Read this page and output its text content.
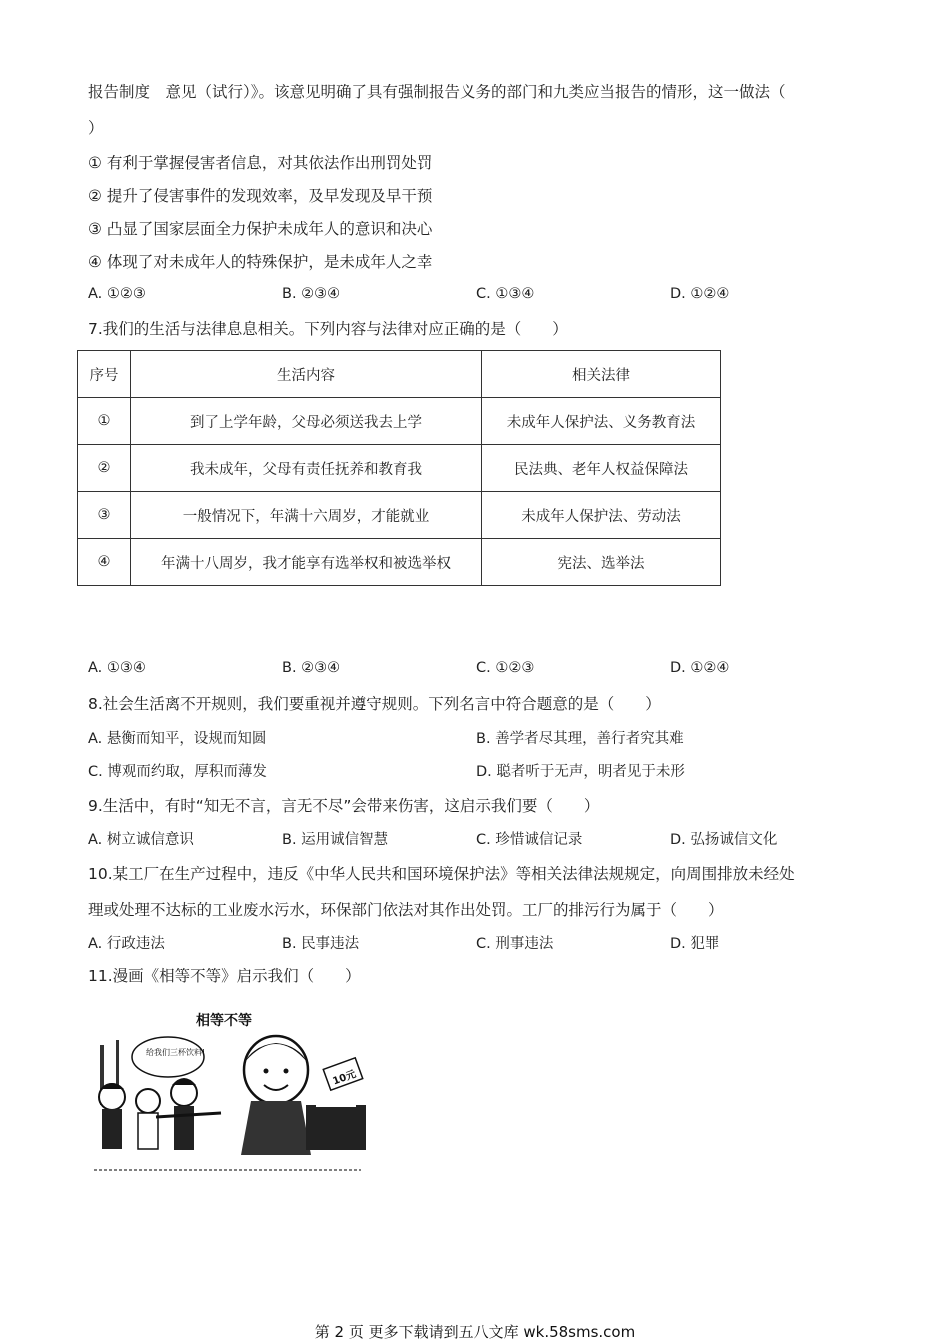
报告制度　意见（试行）》。该意见明确了具有强制报告义务的部门和九类应当报告的情形，这一做法（
）
① 有利于掌握侵害者信息，对其依法作出刑罚处罚
② 提升了侵害事件的发现效率，及早发现及早干预
③ 凸显了国家层面全力保护未成年人的意识和决心
④ 体现了对未成年人的特殊保护，是未成年人之幸
A. ①②③	B. ②③④	C. ①③④	D. ①②④
7.我们的生活与法律息息相关。下列内容与法律对应正确的是（　　）
序号	生活内容	相关法律
①	到了上学年龄，父母必须送我去上学	未成年人保护法、义务教育法
②	我未成年，父母有责任抚养和教育我	民法典、老年人权益保障法
③	一般情况下，年满十六周岁，才能就业	未成年人保护法、劳动法
④	年满十八周岁，我才能享有选举权和被选举权	宪法、选举法
A. ①③④	B. ②③④	C. ①②③	D. ①②④
8.社会生活离不开规则，我们要重视并遵守规则。下列名言中符合题意的是（　　）
A. 悬衡而知平，设规而知圆	B. 善学者尽其理，善行者究其难
C. 博观而约取，厚积而薄发	D. 聪者听于无声，明者见于未形
9.生活中，有时“知无不言，言无不尽”会带来伤害，这启示我们要（　　）
A. 树立诚信意识	B. 运用诚信智慧	C. 珍惜诚信记录	D. 弘扬诚信文化
10.某工厂在生产过程中，违反《中华人民共和国环境保护法》等相关法律法规规定，向周围排放未经处
理或处理不达标的工业废水污水，环保部门依法对其作出处罚。工厂的排污行为属于（　　）
A. 行政违法	B. 民事违法	C. 刑事违法	D. 犯罪
11.漫画《相等不等》启示我们（　　）
相等不等
给我们三杯饮料!
10元
第 2 页 更多下载请到五八文库 wk.58sms.com
